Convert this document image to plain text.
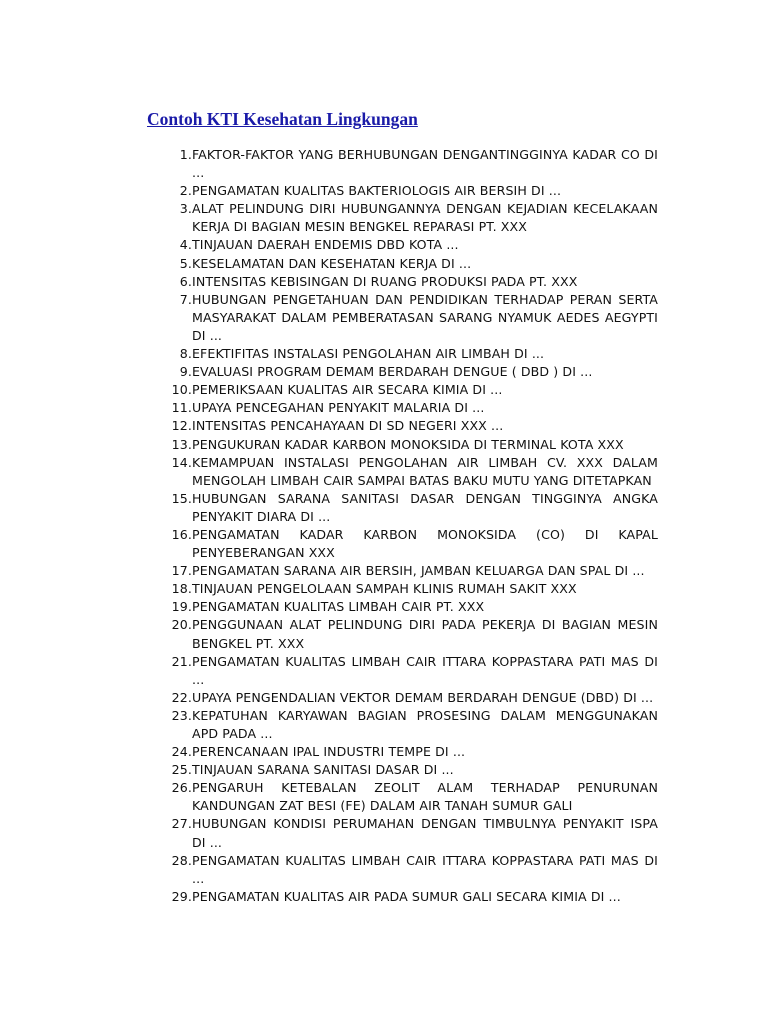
Contoh KTI Kesehatan Lingkungan
1. FAKTOR-FAKTOR YANG BERHUBUNGAN DENGANTINGGINYA KADAR CO DI ...
2. PENGAMATAN KUALITAS BAKTERIOLOGIS AIR BERSIH DI ...
3. ALAT PELINDUNG DIRI HUBUNGANNYA DENGAN KEJADIAN KECELAKAAN KERJA DI BAGIAN MESIN BENGKEL REPARASI PT. XXX
4. TINJAUAN DAERAH ENDEMIS DBD KOTA ...
5. KESELAMATAN DAN KESEHATAN KERJA DI ...
6. INTENSITAS KEBISINGAN DI RUANG PRODUKSI PADA PT. XXX
7. HUBUNGAN PENGETAHUAN DAN PENDIDIKAN TERHADAP PERAN SERTA MASYARAKAT DALAM PEMBERATASAN SARANG NYAMUK AEDES AEGYPTI DI ...
8. EFEKTIFITAS INSTALASI PENGOLAHAN AIR LIMBAH DI ...
9. EVALUASI PROGRAM DEMAM BERDARAH DENGUE ( DBD ) DI ...
10. PEMERIKSAAN KUALITAS AIR SECARA KIMIA DI ...
11. UPAYA PENCEGAHAN PENYAKIT MALARIA DI ...
12. INTENSITAS PENCAHAYAAN DI SD NEGERI XXX ...
13. PENGUKURAN KADAR KARBON MONOKSIDA DI TERMINAL KOTA XXX
14. KEMAMPUAN INSTALASI PENGOLAHAN AIR LIMBAH CV. XXX DALAM MENGOLAH LIMBAH CAIR SAMPAI BATAS BAKU MUTU YANG DITETAPKAN
15. HUBUNGAN SARANA SANITASI DASAR DENGAN TINGGINYA ANGKA PENYAKIT DIARA DI ...
16. PENGAMATAN KADAR KARBON MONOKSIDA (CO) DI KAPAL PENYEBERANGAN XXX
17. PENGAMATAN SARANA AIR BERSIH, JAMBAN KELUARGA DAN SPAL DI ...
18. TINJAUAN PENGELOLAAN SAMPAH KLINIS RUMAH SAKIT XXX
19. PENGAMATAN KUALITAS LIMBAH CAIR PT. XXX
20. PENGGUNAAN ALAT PELINDUNG DIRI PADA PEKERJA DI BAGIAN MESIN BENGKEL PT. XXX
21. PENGAMATAN KUALITAS LIMBAH CAIR ITTARA KOPPASTARA PATI MAS DI ...
22. UPAYA PENGENDALIAN VEKTOR DEMAM BERDARAH DENGUE (DBD) DI ...
23. KEPATUHAN KARYAWAN BAGIAN PROSESING DALAM MENGGUNAKAN APD PADA ...
24. PERENCANAAN IPAL INDUSTRI TEMPE DI ...
25. TINJAUAN SARANA SANITASI DASAR DI ...
26. PENGARUH KETEBALAN ZEOLIT ALAM TERHADAP PENURUNAN KANDUNGAN ZAT BESI (FE) DALAM AIR TANAH SUMUR GALI
27. HUBUNGAN KONDISI PERUMAHAN DENGAN TIMBULNYA PENYAKIT ISPA DI ...
28. PENGAMATAN KUALITAS LIMBAH CAIR ITTARA KOPPASTARA PATI MAS DI ...
29. PENGAMATAN KUALITAS AIR PADA SUMUR GALI SECARA KIMIA DI ...
